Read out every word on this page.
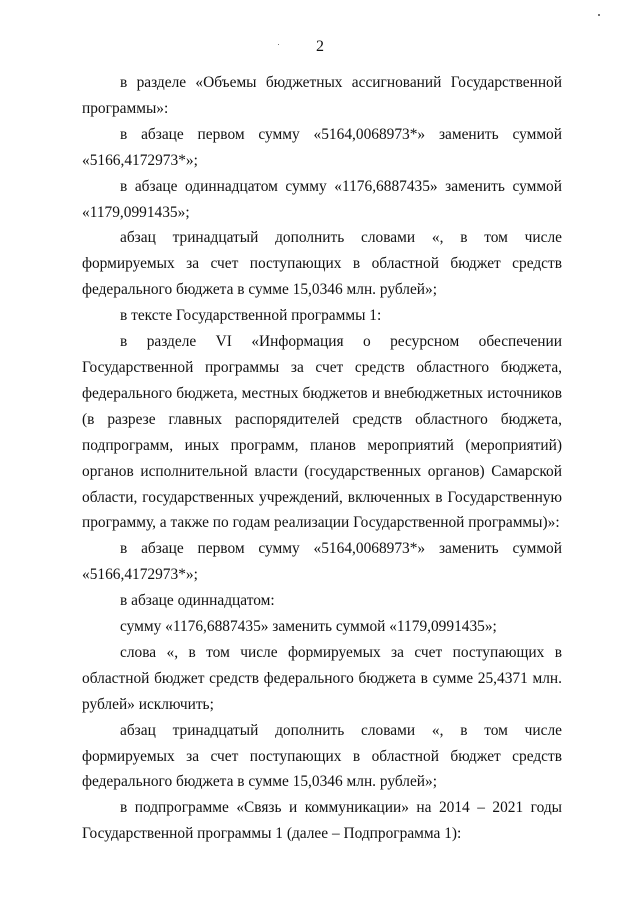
2

в разделе «Объемы бюджетных ассигнований Государственной программы»:

в абзаце первом сумму «5164,0068973*» заменить суммой «5166,4172973*»;

в абзаце одиннадцатом сумму «1176,6887435» заменить суммой «1179,0991435»;

абзац тринадцатый дополнить словами «, в том числе формируемых за счет поступающих в областной бюджет средств федерального бюджета в сумме 15,0346 млн. рублей»;

в тексте Государственной программы 1:

в разделе VI «Информация о ресурсном обеспечении Государственной программы за счет средств областного бюджета, федерального бюджета, местных бюджетов и внебюджетных источников (в разрезе главных распорядителей средств областного бюджета, подпрограмм, иных программ, планов мероприятий (мероприятий) органов исполнительной власти (государственных органов) Самарской области, государственных учреждений, включенных в Государственную программу, а также по годам реализации Государственной программы)»:

в абзаце первом сумму «5164,0068973*» заменить суммой «5166,4172973*»;

в абзаце одиннадцатом:

сумму «1176,6887435» заменить суммой «1179,0991435»;

слова «, в том числе формируемых за счет поступающих в областной бюджет средств федерального бюджета в сумме 25,4371 млн. рублей» исключить;

абзац тринадцатый дополнить словами «, в том числе формируемых за счет поступающих в областной бюджет средств федерального бюджета в сумме 15,0346 млн. рублей»;

в подпрограмме «Связь и коммуникации» на 2014 – 2021 годы Государственной программы 1 (далее – Подпрограмма 1):
